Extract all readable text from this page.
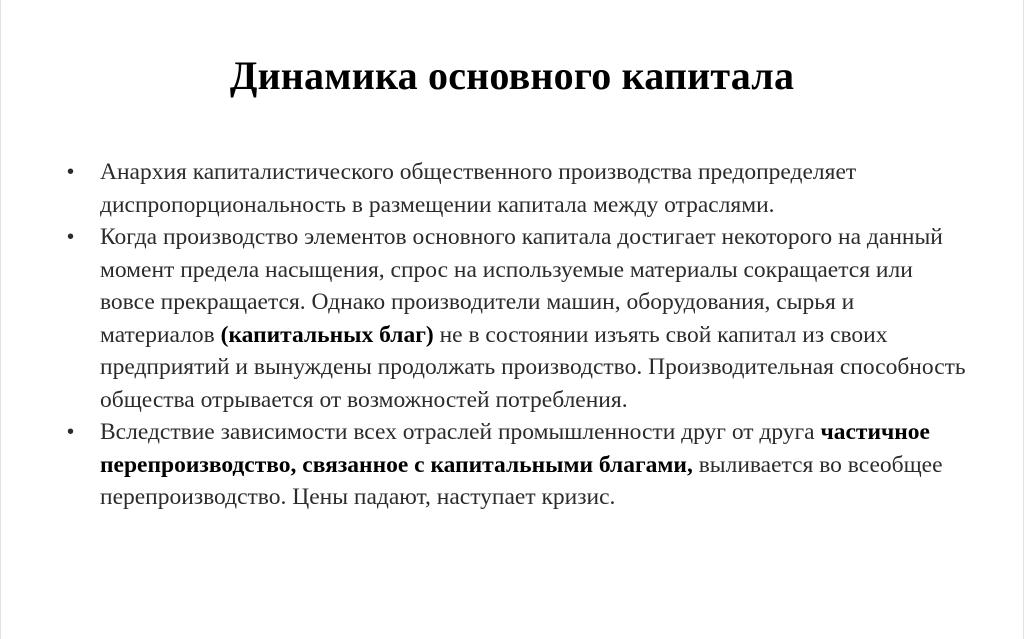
Динамика основного капитала
• Анархия капиталистического общественного производства предопределяет диспропорциональность в размещении капитала между отраслями.
• Когда производство элементов основного капитала достигает некоторого на данный момент предела насыщения, спрос на используемые материалы сокращается или вовсе прекращается. Однако производители машин, оборудования, сырья и материалов (капитальных благ) не в состоянии изъять свой капитал из своих предприятий и вынуждены продолжать производство. Производительная способность общества отрывается от возможностей потребления.
• Вследствие зависимости всех отраслей промышленности друг от друга частичное перепроизводство, связанное с капитальными благами, выливается во всеобщее перепроизводство. Цены падают, наступает кризис.
